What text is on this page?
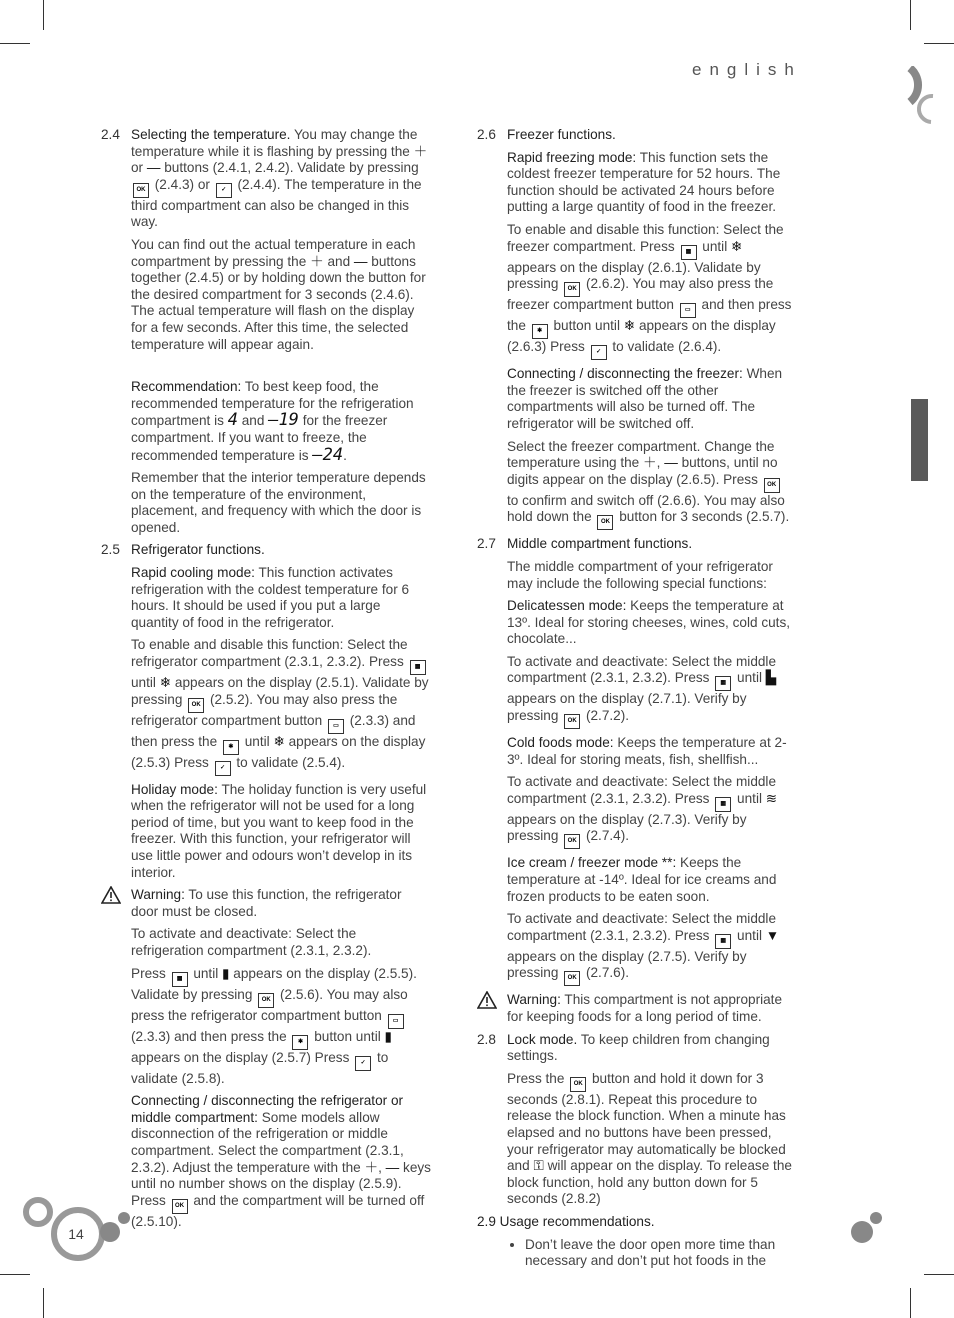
english
14
2.4 Selecting the temperature. You may change the temperature while it is flashing by pressing the ＋ or — buttons (2.4.1, 2.4.2). Validate by pressing OK (2.4.3) or ✓ (2.4.4). The temperature in the third compartment can also be changed in this way.

You can find out the actual temperature in each compartment by pressing the ＋ and — buttons together (2.4.5) or by holding down the button for the desired compartment for 3 seconds (2.4.6). The actual temperature will flash on the display for a few seconds. After this time, the selected temperature will appear again.

Recommendation: To best keep food, the recommended temperature for the refrigeration compartment is 4 and –19 for the freezer compartment. If you want to freeze, the recommended temperature is –24.

Remember that the interior temperature depends on the temperature of the environment, placement, and frequency with which the door is opened.

2.5 Refrigerator functions.

Rapid cooling mode: This function activates refrigeration with the coldest temperature for 6 hours. It should be used if you put a large quantity of food in the refrigerator.

To enable and disable this function: Select the refrigerator compartment (2.3.1, 2.3.2). Press ▦ until ❄ appears on the display (2.5.1). Validate by pressing OK (2.5.2). You may also press the refrigerator compartment button ▭ (2.3.3) and then press the ✱ until ❄ appears on the display (2.5.3) Press ✓ to validate (2.5.4).

Holiday mode: The holiday function is very useful when the refrigerator will not be used for a long period of time, but you want to keep food in the freezer. With this function, your refrigerator will use little power and odours won’t develop in its interior.

Warning: To use this function, the refrigerator door must be closed.

To activate and deactivate: Select the refrigeration compartment (2.3.1, 2.3.2).

Press ▦ until ▮ appears on the display (2.5.5). Validate by pressing OK (2.5.6). You may also press the refrigerator compartment button ▭ (2.3.3) and then press the ✱ button until ▮ appears on the display (2.5.7) Press ✓ to validate (2.5.8).

Connecting / disconnecting the refrigerator or middle compartment: Some models allow disconnection of the refrigeration or middle compartment. Select the compartment (2.3.1, 2.3.2). Adjust the temperature with the ＋, — keys until no number shows on the display (2.5.9). Press OK and the compartment will be turned off (2.5.10).

2.6 Freezer functions.

Rapid freezing mode: This function sets the coldest freezer temperature for 52 hours. The function should be activated 24 hours before putting a large quantity of food in the freezer.

To enable and disable this function: Select the freezer compartment. Press ▦ until ❄ appears on the display (2.6.1). Validate by pressing OK (2.6.2). You may also press the freezer compartment button ▭ and then press the ✱ button until ❄ appears on the display (2.6.3) Press ✓ to validate (2.6.4).

Connecting / disconnecting the freezer: When the freezer is switched off the other compartments will also be turned off. The refrigerator will be switched off.

Select the freezer compartment. Change the temperature using the ＋, — buttons, until no digits appear on the display (2.6.5). Press OK to confirm and switch off (2.6.6). You may also hold down the OK button for 3 seconds (2.5.7).

2.7 Middle compartment functions.

The middle compartment of your refrigerator may include the following special functions:

Delicatessen mode: Keeps the temperature at 13º. Ideal for storing cheeses, wines, cold cuts, chocolate...

To activate and deactivate: Select the middle compartment (2.3.1, 2.3.2). Press ▦ until ▙ appears on the display (2.7.1). Verify by pressing OK (2.7.2).

Cold foods mode: Keeps the temperature at 2-3º. Ideal for storing meats, fish, shellfish...

To activate and deactivate: Select the middle compartment (2.3.1, 2.3.2). Press ▦ until ≋ appears on the display (2.7.3). Verify by pressing OK (2.7.4).

Ice cream / freezer mode **: Keeps the temperature at -14º. Ideal for ice creams and frozen products to be eaten soon.

To activate and deactivate: Select the middle compartment (2.3.1, 2.3.2). Press ▦ until ▼ appears on the display (2.7.5). Verify by pressing OK (2.7.6).

Warning: This compartment is not appropriate for keeping foods for a long period of time.

2.8 Lock mode. To keep children from changing settings.

Press the OK button and hold it down for 3 seconds (2.8.1). Repeat this procedure to release the block function. When a minute has elapsed and no buttons have been pressed, your refrigerator may automatically be blocked and ⚿ will appear on the display. To release the block function, hold any button down for 5 seconds (2.8.2)

2.9 Usage recommendations.
• Don’t leave the door open more time than necessary and don’t put hot foods in the
